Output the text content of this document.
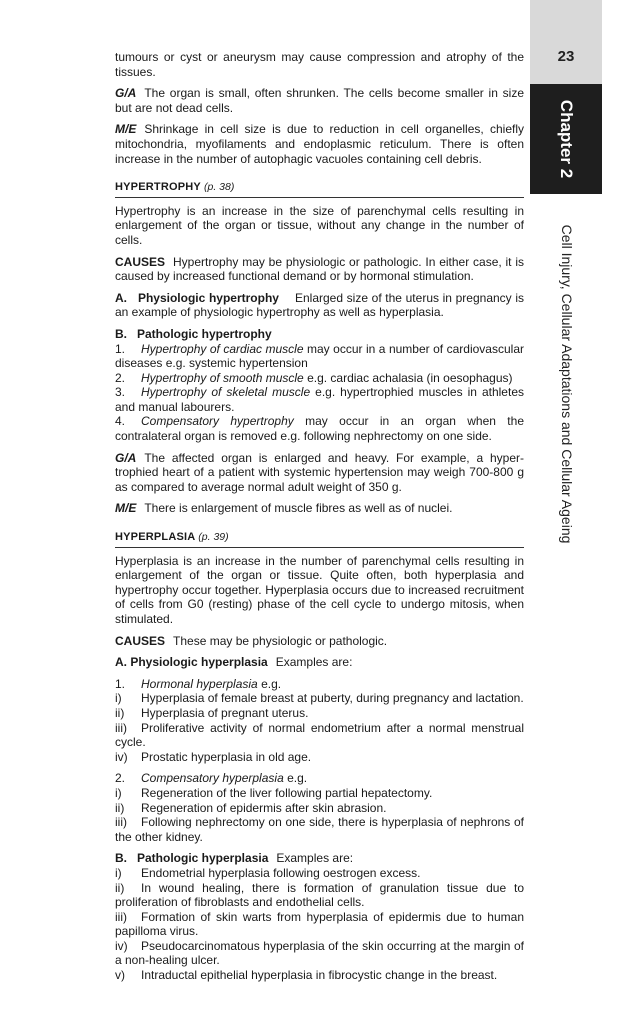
tumours or cyst or aneurysm may cause compression and atrophy of the tissues.

G/A The organ is small, often shrunken. The cells become smaller in size but are not dead cells.

M/E Shrinkage in cell size is due to reduction in cell organelles, chiefly mitochondria, myofilaments and endoplasmic reticulum. There is often increase in the number of autophagic vacuoles containing cell debris.

HYPERTROPHY (p. 38)

Hypertrophy is an increase in the size of parenchymal cells resulting in enlargement of the organ or tissue, without any change in the number of cells.

CAUSES Hypertrophy may be physiologic or pathologic. In either case, it is caused by increased functional demand or by hormonal stimulation.

A.   Physiologic hypertrophy Enlarged size of the uterus in pregnancy is an example of physiologic hypertrophy as well as hyperplasia.

B.   Pathologic hypertrophy
1. Hypertrophy of cardiac muscle may occur in a number of cardiovascular diseases e.g. systemic hypertension
2. Hypertrophy of smooth muscle e.g. cardiac achalasia (in oesophagus)
3. Hypertrophy of skeletal muscle e.g. hypertrophied muscles in athletes and manual labourers.
4. Compensatory hypertrophy may occur in an organ when the contralateral organ is removed e.g. following nephrectomy on one side.

G/A The affected organ is enlarged and heavy. For example, a hyper-trophied heart of a patient with systemic hypertension may weigh 700-800 g as compared to average normal adult weight of 350 g.

M/E There is enlargement of muscle fibres as well as of nuclei.

HYPERPLASIA (p. 39)

Hyperplasia is an increase in the number of parenchymal cells resulting in enlargement of the organ or tissue. Quite often, both hyperplasia and hypertrophy occur together. Hyperplasia occurs due to increased recruitment of cells from G0 (resting) phase of the cell cycle to undergo mitosis, when stimulated.

CAUSES These may be physiologic or pathologic.

A. Physiologic hyperplasia Examples are:

1. Hormonal hyperplasia e.g.
i) Hyperplasia of female breast at puberty, during pregnancy and lactation.
ii) Hyperplasia of pregnant uterus.
iii) Proliferative activity of normal endometrium after a normal menstrual cycle.
iv) Prostatic hyperplasia in old age.
2. Compensatory hyperplasia e.g.
i) Regeneration of the liver following partial hepatectomy.
ii) Regeneration of epidermis after skin abrasion.
iii) Following nephrectomy on one side, there is hyperplasia of nephrons of the other kidney.
B.   Pathologic hyperplasia Examples are:
i) Endometrial hyperplasia following oestrogen excess.
ii) In wound healing, there is formation of granulation tissue due to proliferation of fibroblasts and endothelial cells.
iii) Formation of skin warts from hyperplasia of epidermis due to human papilloma virus.
iv) Pseudocarcinomatous hyperplasia of the skin occurring at the margin of a non-healing ulcer.
v) Intraductal epithelial hyperplasia in fibrocystic change in the breast.
23
Chapter 2
Cell Injury, Cellular Adaptations and Cellular Ageing
